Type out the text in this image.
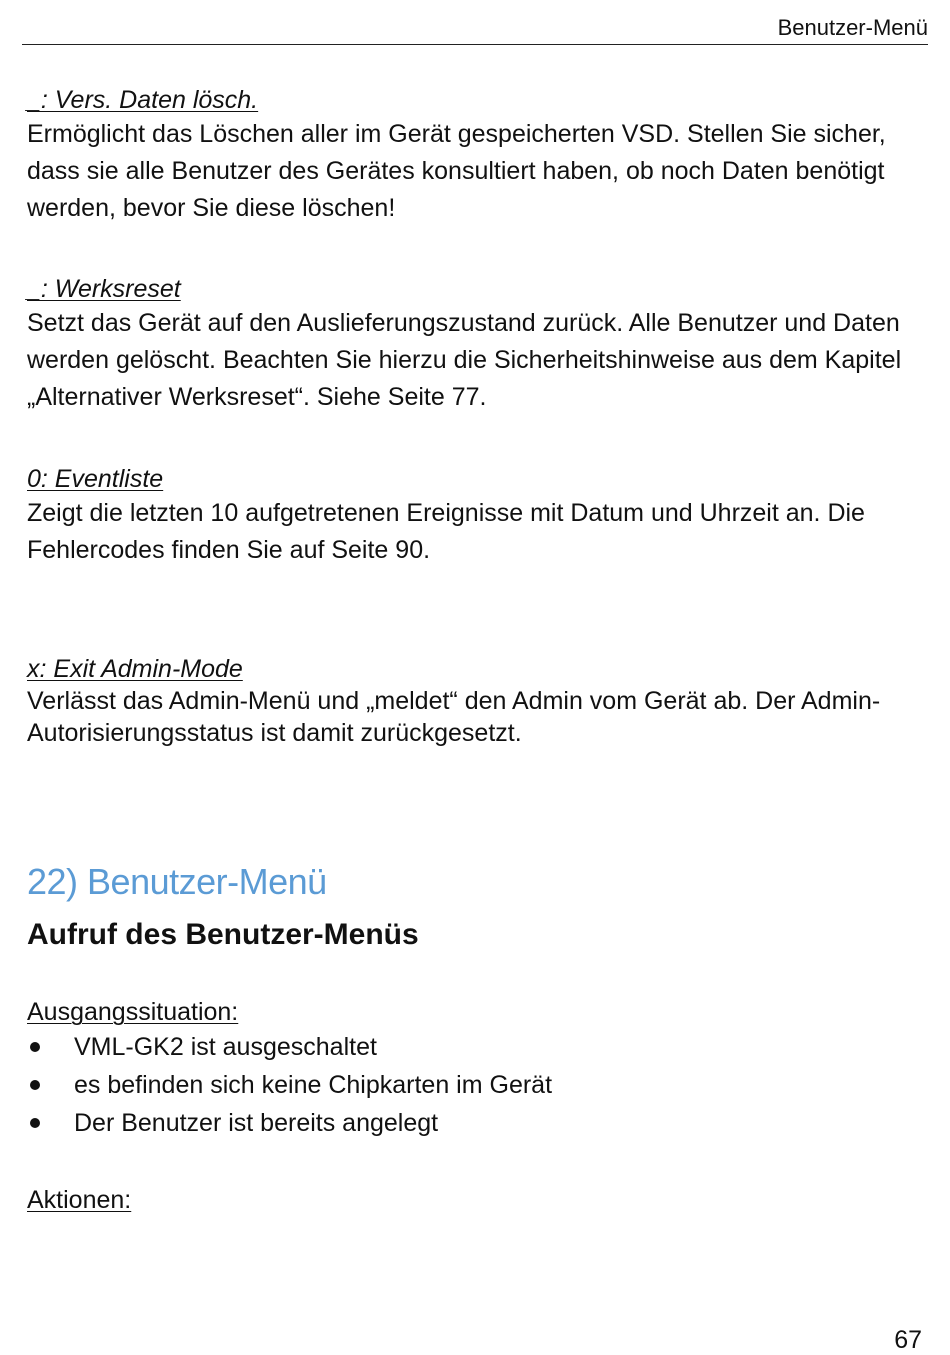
Benutzer-Menü

_: Vers. Daten lösch.

Ermöglicht das Löschen aller im Gerät gespeicherten VSD. Stellen Sie sicher, dass sie alle Benutzer des Gerätes konsultiert haben, ob noch Daten benötigt werden, bevor Sie diese löschen!

_: Werksreset

Setzt das Gerät auf den Auslieferungszustand zurück. Alle Benutzer und Daten werden gelöscht. Beachten Sie hierzu die Sicherheitshinweise aus dem Kapitel „Alternativer Werksreset“. Siehe Seite 77.

0: Eventliste

Zeigt die letzten 10 aufgetretenen Ereignisse mit Datum und Uhrzeit an. Die Fehlercodes finden Sie auf Seite 90.

x: Exit Admin-Mode

Verlässt das Admin-Menü und „meldet“ den Admin vom Gerät ab. Der Admin-Autorisierungsstatus ist damit zurückgesetzt.

22) Benutzer-Menü
Aufruf des Benutzer-Menüs

Ausgangssituation:

VML-GK2 ist ausgeschaltet
es befinden sich keine Chipkarten im Gerät
Der Benutzer ist bereits angelegt

Aktionen:

67
